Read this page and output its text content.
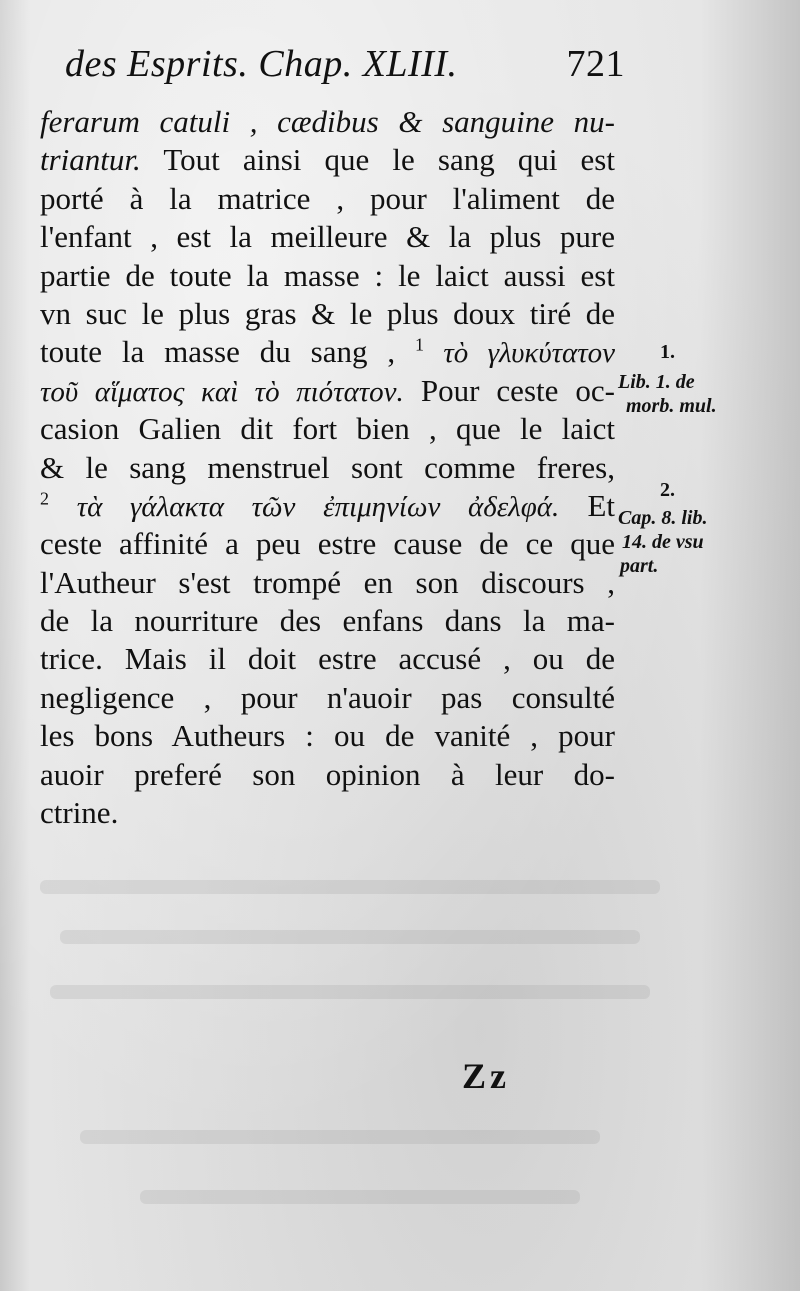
des Esprits. Chap. XLIII.	721
ferarum catuli , cædibus & sanguine nu-
triantur. Tout ainsi que le sang qui est
porté à la matrice , pour l'aliment de
l'enfant , est la meilleure & la plus pure
partie de toute la masse : le laict aussi est
vn suc le plus gras & le plus doux tiré de
toute la masse du sang , $^1$ τὸ γλυκύτατον
τοῦ αἵματος καὶ τὸ πιότατον. Pour ceste oc-
casion Galien dit fort bien , que le laict
& le sang menstruel sont comme freres,
$^2$ τὰ γάλακτα τῶν ἐπιμηνίων ἀδελφά. Et
ceste affinité a peu estre cause de ce que
l'Autheur s'est trompé en son discours ,
de la nourriture des enfans dans la ma-
trice. Mais il doit estre accusé , ou de
negligence , pour n'auoir pas consulté
les bons Autheurs : ou de vanité , pour
auoir preferé son opinion à leur do-
ctrine.
1.
Lib. 1. de
morb. mul.
2.
Cap. 8. lib.
14. de vsu
part.
Zz
